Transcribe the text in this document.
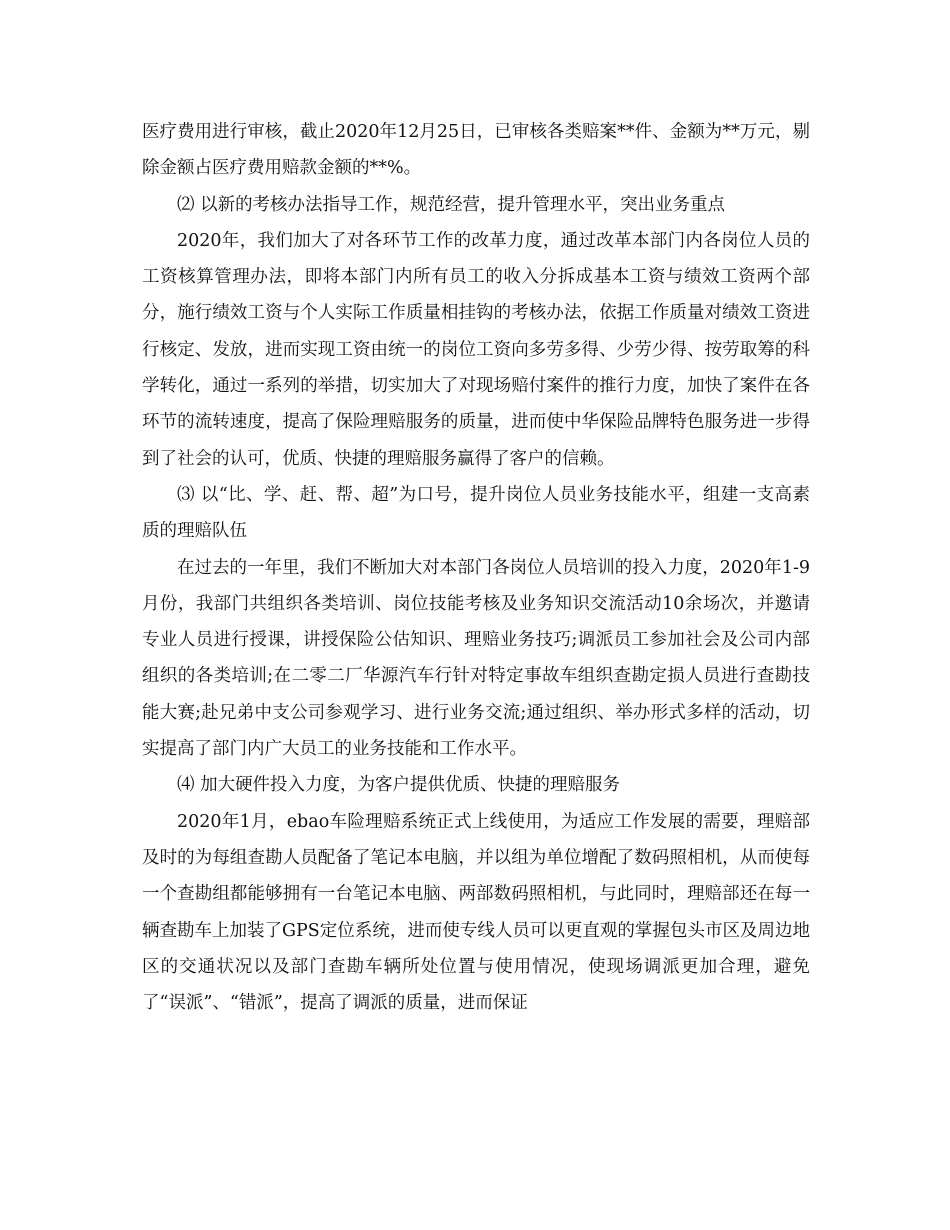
医疗费用进行审核，截止2020年12月25日，已审核各类赔案**件、金额为**万元，剔除金额占医疗费用赔款金额的**%。

⑵ 以新的考核办法指导工作，规范经营，提升管理水平，突出业务重点

2020年，我们加大了对各环节工作的改革力度，通过改革本部门内各岗位人员的工资核算管理办法，即将本部门内所有员工的收入分拆成基本工资与绩效工资两个部分，施行绩效工资与个人实际工作质量相挂钩的考核办法，依据工作质量对绩效工资进行核定、发放，进而实现工资由统一的岗位工资向多劳多得、少劳少得、按劳取筹的科学转化，通过一系列的举措，切实加大了对现场赔付案件的推行力度，加快了案件在各环节的流转速度，提高了保险理赔服务的质量，进而使中华保险品牌特色服务进一步得到了社会的认可，优质、快捷的理赔服务赢得了客户的信赖。

⑶ 以“比、学、赶、帮、超”为口号，提升岗位人员业务技能水平，组建一支高素质的理赔队伍

在过去的一年里，我们不断加大对本部门各岗位人员培训的投入力度，2020年1-9月份，我部门共组织各类培训、岗位技能考核及业务知识交流活动10余场次，并邀请专业人员进行授课，讲授保险公估知识、理赔业务技巧;调派员工参加社会及公司内部组织的各类培训;在二零二厂华源汽车行针对特定事故车组织查勘定损人员进行查勘技能大赛;赴兄弟中支公司参观学习、进行业务交流;通过组织、举办形式多样的活动，切实提高了部门内广大员工的业务技能和工作水平。

⑷ 加大硬件投入力度，为客户提供优质、快捷的理赔服务

2020年1月，ebao车险理赔系统正式上线使用，为适应工作发展的需要，理赔部及时的为每组查勘人员配备了笔记本电脑，并以组为单位增配了数码照相机，从而使每一个查勘组都能够拥有一台笔记本电脑、两部数码照相机，与此同时，理赔部还在每一辆查勘车上加装了GPS定位系统，进而使专线人员可以更直观的掌握包头市区及周边地区的交通状况以及部门查勘车辆所处位置与使用情况，使现场调派更加合理，避免了“误派”、“错派”，提高了调派的质量，进而保证
